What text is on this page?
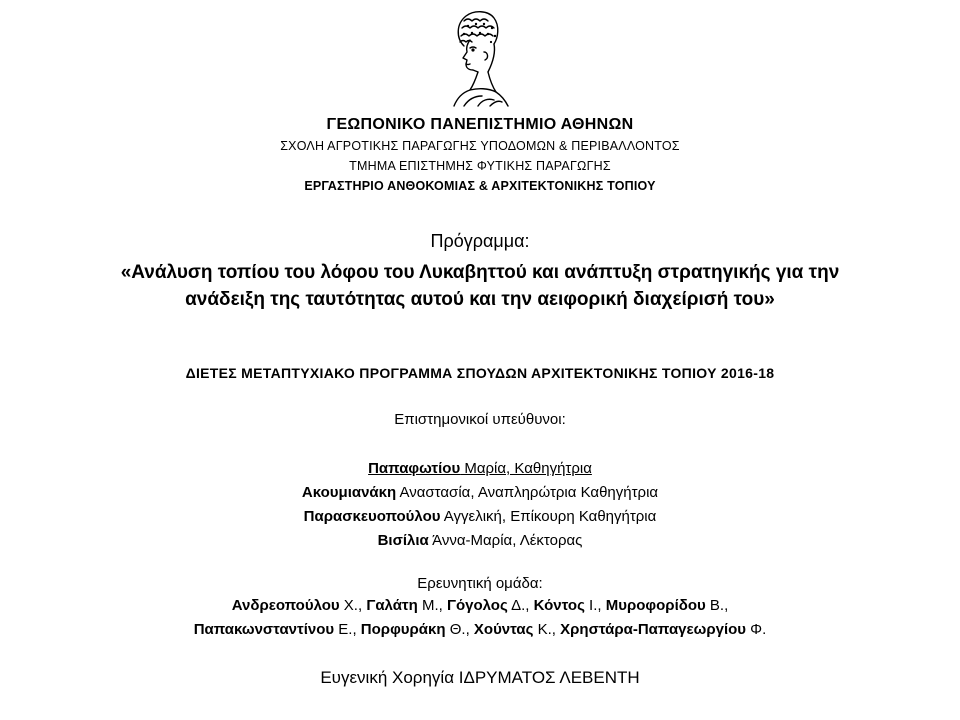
ΓΕΩΠΟΝΙΚΟ ΠΑΝΕΠΙΣΤΗΜΙΟ ΑΘΗΝΩΝ
ΣΧΟΛΗ ΑΓΡΟΤΙΚΗΣ ΠΑΡΑΓΩΓΗΣ ΥΠΟΔΟΜΩΝ & ΠΕΡΙΒΑΛΛΟΝΤΟΣ
ΤΜΗΜΑ ΕΠΙΣΤΗΜΗΣ ΦΥΤΙΚΗΣ ΠΑΡΑΓΩΓΗΣ
ΕΡΓΑΣΤΗΡΙΟ ΑΝΘΟΚΟΜΙΑΣ & ΑΡΧΙΤΕΚΤΟΝΙΚΗΣ ΤΟΠΙΟΥ
Πρόγραμμα:
«Ανάλυση τοπίου του λόφου του Λυκαβηττού και ανάπτυξη στρατηγικής για την
ανάδειξη της ταυτότητας αυτού και την αειφορική διαχείρισή του»
ΔΙΕΤΕΣ ΜΕΤΑΠΤΥΧΙΑΚΟ ΠΡΟΓΡΑΜΜΑ ΣΠΟΥΔΩΝ ΑΡΧΙΤΕΚΤΟΝΙΚΗΣ ΤΟΠΙΟΥ 2016-18
Επιστημονικοί υπεύθυνοι:
Παπαφωτίου Μαρία, Καθηγήτρια
Ακουμιανάκη Αναστασία, Αναπληρώτρια Καθηγήτρια
Παρασκευοπούλου Αγγελική, Επίκουρη Καθηγήτρια
Βισίλια Άννα-Μαρία, Λέκτορας
Ερευνητική ομάδα:
Ανδρεοπούλου Χ., Γαλάτη Μ., Γόγολος Δ., Κόντος Ι., Μυροφορίδου Β.,
Παπακωνσταντίνου Ε., Πορφυράκη Θ., Χούντας Κ., Χρηστάρα-Παπαγεωργίου Φ.
Ευγενική Χορηγία ΙΔΡΥΜΑΤΟΣ ΛΕΒΕΝΤΗ
